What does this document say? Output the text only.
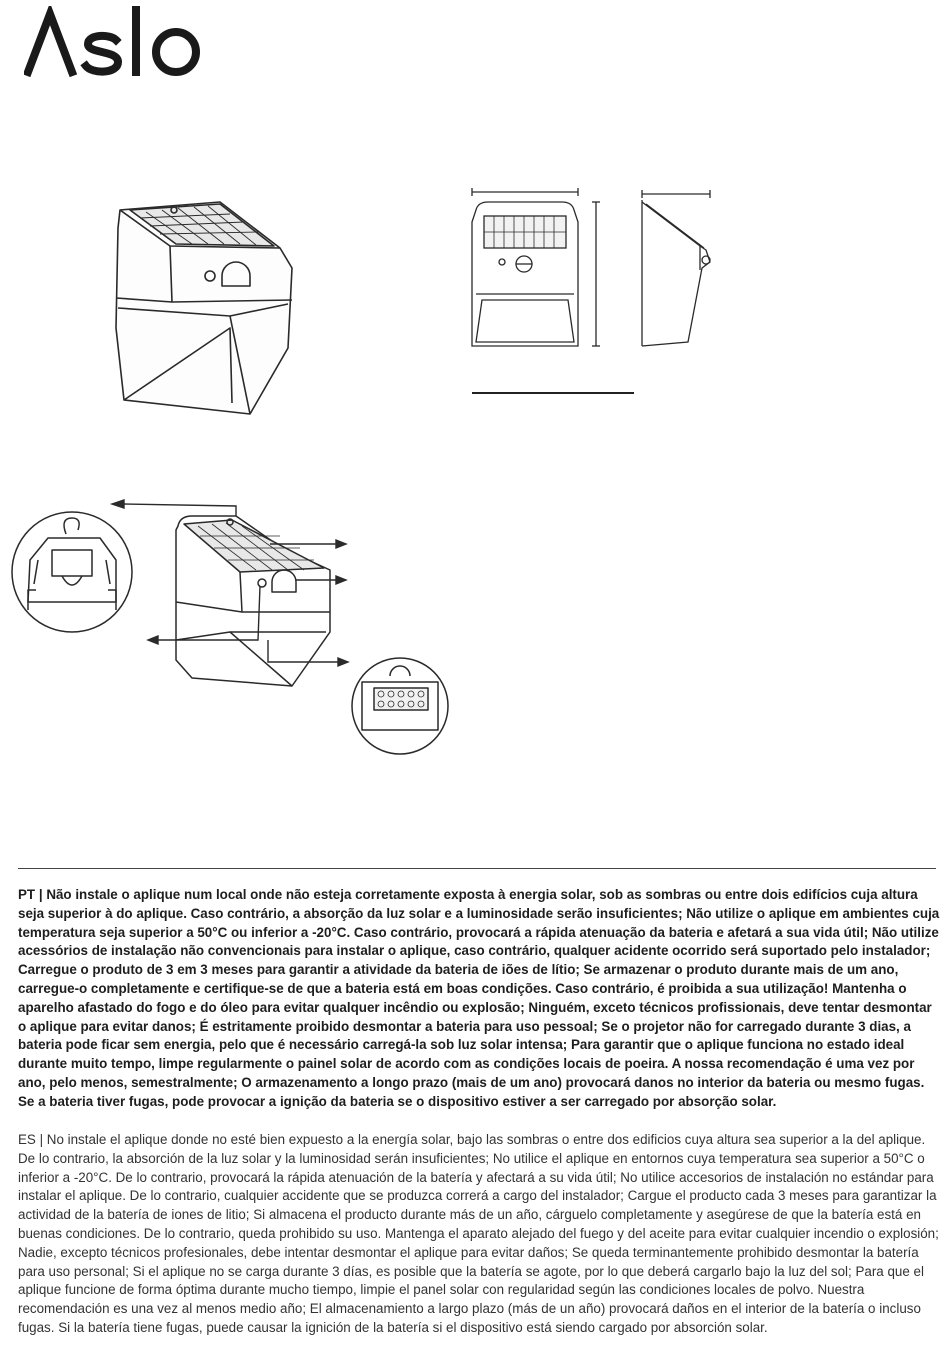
PT | Não instale o aplique num local onde não esteja corretamente exposta à energia solar, sob as sombras ou entre dois edifícios cuja altura seja superior à do aplique. Caso contrário, a absorção da luz solar e a luminosidade serão insuficientes; Não utilize o aplique em ambientes cuja temperatura seja superior a 50°C ou inferior a -20°C. Caso contrário, provocará a rápida atenuação da bateria e afetará a sua vida útil; Não utilize acessórios de instalação não convencionais para instalar o aplique, caso contrário, qualquer acidente ocorrido será suportado pelo instalador; Carregue o produto de 3 em 3 meses para garantir a atividade da bateria de iões de lítio; Se armazenar o produto durante mais de um ano, carregue-o completamente e certifique-se de que a bateria está em boas condições. Caso contrário, é proibida a sua utilização! Mantenha o aparelho afastado do fogo e do óleo para evitar qualquer incêndio ou explosão; Ninguém, exceto técnicos profissionais, deve tentar desmontar o aplique para evitar danos; É estritamente proibido desmontar a bateria para uso pessoal; Se o projetor não for carregado durante 3 dias, a bateria pode ficar sem energia, pelo que é necessário carregá-la sob luz solar intensa; Para garantir que o aplique funciona no estado ideal durante muito tempo, limpe regularmente o painel solar de acordo com as condições locais de poeira. A nossa recomendação é uma vez por ano, pelo menos, semestralmente; O armazenamento a longo prazo (mais de um ano) provocará danos no interior da bateria ou mesmo fugas. Se a bateria tiver fugas, pode provocar a ignição da bateria se o dispositivo estiver a ser carregado por absorção solar.

ES | No instale el aplique donde no esté bien expuesto a la energía solar, bajo las sombras o entre dos edificios cuya altura sea superior a la del aplique. De lo contrario, la absorción de la luz solar y la luminosidad serán insuficientes; No utilice el aplique en entornos cuya temperatura sea superior a 50°C o inferior a -20°C. De lo contrario, provocará la rápida atenuación de la batería y afectará a su vida útil; No utilice accesorios de instalación no estándar para instalar el aplique. De lo contrario, cualquier accidente que se produzca correrá a cargo del instalador; Cargue el producto cada 3 meses para garantizar la actividad de la batería de iones de litio; Si almacena el producto durante más de un año, cárguelo completamente y asegúrese de que la batería está en buenas condiciones. De lo contrario, queda prohibido su uso. Mantenga el aparato alejado del fuego y del aceite para evitar cualquier incendio o explosión; Nadie, excepto técnicos profesionales, debe intentar desmontar el aplique para evitar daños; Se queda terminantemente prohibido desmontar la batería para uso personal; Si el aplique no se carga durante 3 días, es posible que la batería se agote, por lo que deberá cargarlo bajo la luz del sol; Para que el aplique funcione de forma óptima durante mucho tiempo, limpie el panel solar con regularidad según las condiciones locales de polvo. Nuestra recomendación es una vez al menos medio año; El almacenamiento a largo plazo (más de un año) provocará daños en el interior de la batería o incluso fugas. Si la batería tiene fugas, puede causar la ignición de la batería si el dispositivo está siendo cargado por absorción solar.
